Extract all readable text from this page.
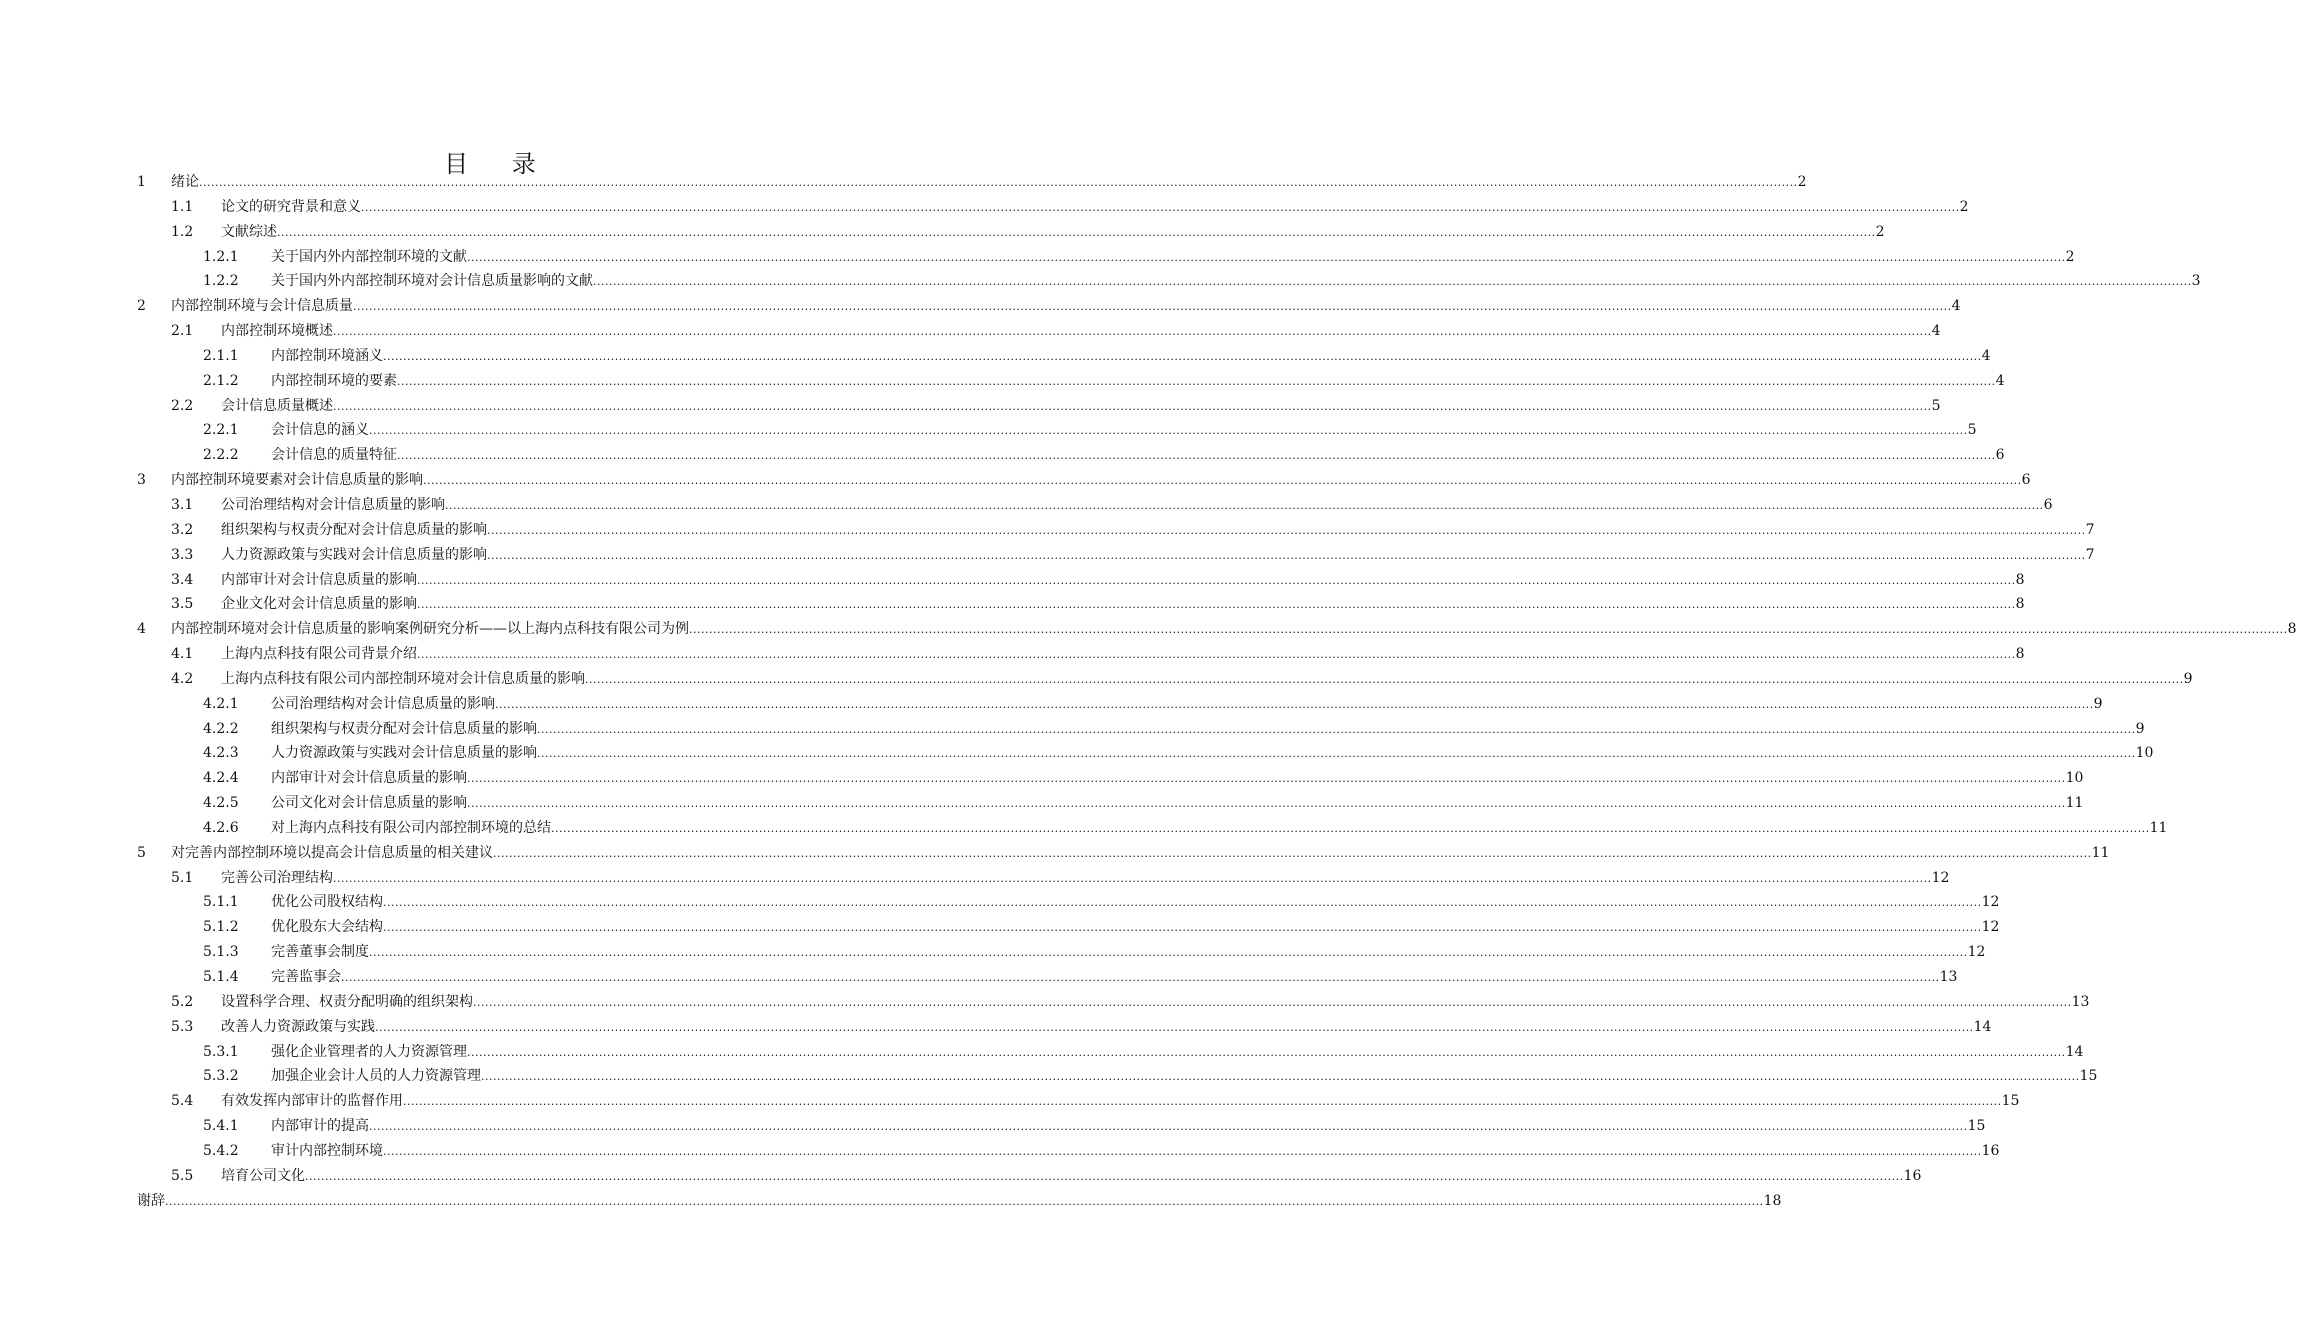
目 录
1 绪论 ................................................................................................................................................................................................................................................................................................................................................................................................................ 2
1.1 论文的研究背景和意义 ................................................................................................................................................................................................................................................................................................................................................................................................................ 2
1.2 文献综述 ................................................................................................................................................................................................................................................................................................................................................................................................................ 2
1.2.1 关于国内外内部控制环境的文献 ................................................................................................................................................................................................................................................................................................................................................................................................................ 2
1.2.2 关于国内外内部控制环境对会计信息质量影响的文献 ................................................................................................................................................................................................................................................................................................................................................................................................................ 3
2 内部控制环境与会计信息质量 ................................................................................................................................................................................................................................................................................................................................................................................................................ 4
2.1 内部控制环境概述 ................................................................................................................................................................................................................................................................................................................................................................................................................ 4
2.1.1 内部控制环境涵义 ................................................................................................................................................................................................................................................................................................................................................................................................................ 4
2.1.2 内部控制环境的要素 ................................................................................................................................................................................................................................................................................................................................................................................................................ 4
2.2 会计信息质量概述 ................................................................................................................................................................................................................................................................................................................................................................................................................ 5
2.2.1 会计信息的涵义 ................................................................................................................................................................................................................................................................................................................................................................................................................ 5
2.2.2 会计信息的质量特征 ................................................................................................................................................................................................................................................................................................................................................................................................................ 6
3 内部控制环境要素对会计信息质量的影响 ................................................................................................................................................................................................................................................................................................................................................................................................................ 6
3.1 公司治理结构对会计信息质量的影响 ................................................................................................................................................................................................................................................................................................................................................................................................................ 6
3.2 组织架构与权责分配对会计信息质量的影响 ................................................................................................................................................................................................................................................................................................................................................................................................................ 7
3.3 人力资源政策与实践对会计信息质量的影响 ................................................................................................................................................................................................................................................................................................................................................................................................................ 7
3.4 内部审计对会计信息质量的影响 ................................................................................................................................................................................................................................................................................................................................................................................................................ 8
3.5 企业文化对会计信息质量的影响 ................................................................................................................................................................................................................................................................................................................................................................................................................ 8
4 内部控制环境对会计信息质量的影响案例研究分析——以上海内点科技有限公司为例 ................................................................................................................................................................................................................................................................................................................................................................................................................ 8
4.1 上海内点科技有限公司背景介绍 ................................................................................................................................................................................................................................................................................................................................................................................................................ 8
4.2 上海内点科技有限公司内部控制环境对会计信息质量的影响 ................................................................................................................................................................................................................................................................................................................................................................................................................ 9
4.2.1 公司治理结构对会计信息质量的影响 ................................................................................................................................................................................................................................................................................................................................................................................................................ 9
4.2.2 组织架构与权责分配对会计信息质量的影响 ................................................................................................................................................................................................................................................................................................................................................................................................................ 9
4.2.3 人力资源政策与实践对会计信息质量的影响 ................................................................................................................................................................................................................................................................................................................................................................................................................ 10
4.2.4 内部审计对会计信息质量的影响 ................................................................................................................................................................................................................................................................................................................................................................................................................ 10
4.2.5 公司文化对会计信息质量的影响 ................................................................................................................................................................................................................................................................................................................................................................................................................ 11
4.2.6 对上海内点科技有限公司内部控制环境的总结 ................................................................................................................................................................................................................................................................................................................................................................................................................ 11
5 对完善内部控制环境以提高会计信息质量的相关建议 ................................................................................................................................................................................................................................................................................................................................................................................................................ 11
5.1 完善公司治理结构 ................................................................................................................................................................................................................................................................................................................................................................................................................ 12
5.1.1 优化公司股权结构 ................................................................................................................................................................................................................................................................................................................................................................................................................ 12
5.1.2 优化股东大会结构 ................................................................................................................................................................................................................................................................................................................................................................................................................ 12
5.1.3 完善董事会制度 ................................................................................................................................................................................................................................................................................................................................................................................................................ 12
5.1.4 完善监事会 ................................................................................................................................................................................................................................................................................................................................................................................................................ 13
5.2 设置科学合理、权责分配明确的组织架构 ................................................................................................................................................................................................................................................................................................................................................................................................................ 13
5.3 改善人力资源政策与实践 ................................................................................................................................................................................................................................................................................................................................................................................................................ 14
5.3.1 强化企业管理者的人力资源管理 ................................................................................................................................................................................................................................................................................................................................................................................................................ 14
5.3.2 加强企业会计人员的人力资源管理 ................................................................................................................................................................................................................................................................................................................................................................................................................ 15
5.4 有效发挥内部审计的监督作用 ................................................................................................................................................................................................................................................................................................................................................................................................................ 15
5.4.1 内部审计的提高 ................................................................................................................................................................................................................................................................................................................................................................................................................ 15
5.4.2 审计内部控制环境 ................................................................................................................................................................................................................................................................................................................................................................................................................ 16
5.5 培育公司文化 ................................................................................................................................................................................................................................................................................................................................................................................................................ 16
谢辞 ................................................................................................................................................................................................................................................................................................................................................................................................................ 18
